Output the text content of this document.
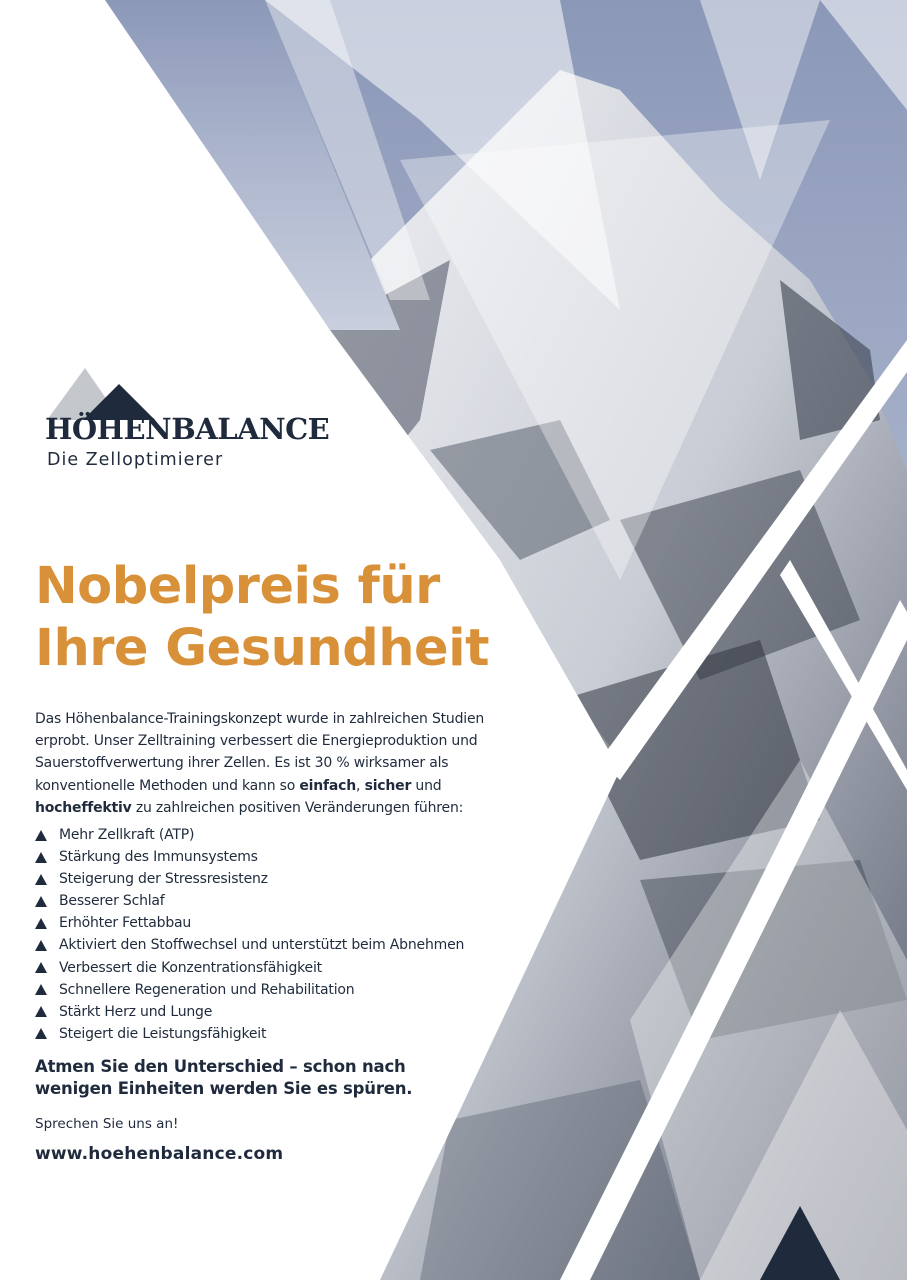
HÖHENBALANCE
Die Zelloptimierer
Nobelpreis für
Ihre Gesundheit

Das Höhenbalance-Trainingskonzept wurde in zahlreichen Studien erprobt. Unser Zelltraining verbessert die Energieproduktion und Sauerstoffverwertung ihrer Zellen. Es ist 30 % wirksamer als konventionelle Methoden und kann so einfach, sicher und hocheffektiv zu zahlreichen positiven Veränderungen führen:

Mehr Zellkraft (ATP)
Stärkung des Immunsystems
Steigerung der Stressresistenz
Besserer Schlaf
Erhöhter Fettabbau
Aktiviert den Stoffwechsel und unterstützt beim Abnehmen
Verbessert die Konzentrationsfähigkeit
Schnellere Regeneration und Rehabilitation
Stärkt Herz und Lunge
Steigert die Leistungsfähigkeit

Atmen Sie den Unterschied – schon nach wenigen Einheiten werden Sie es spüren.

Sprechen Sie uns an!

www.hoehenbalance.com
